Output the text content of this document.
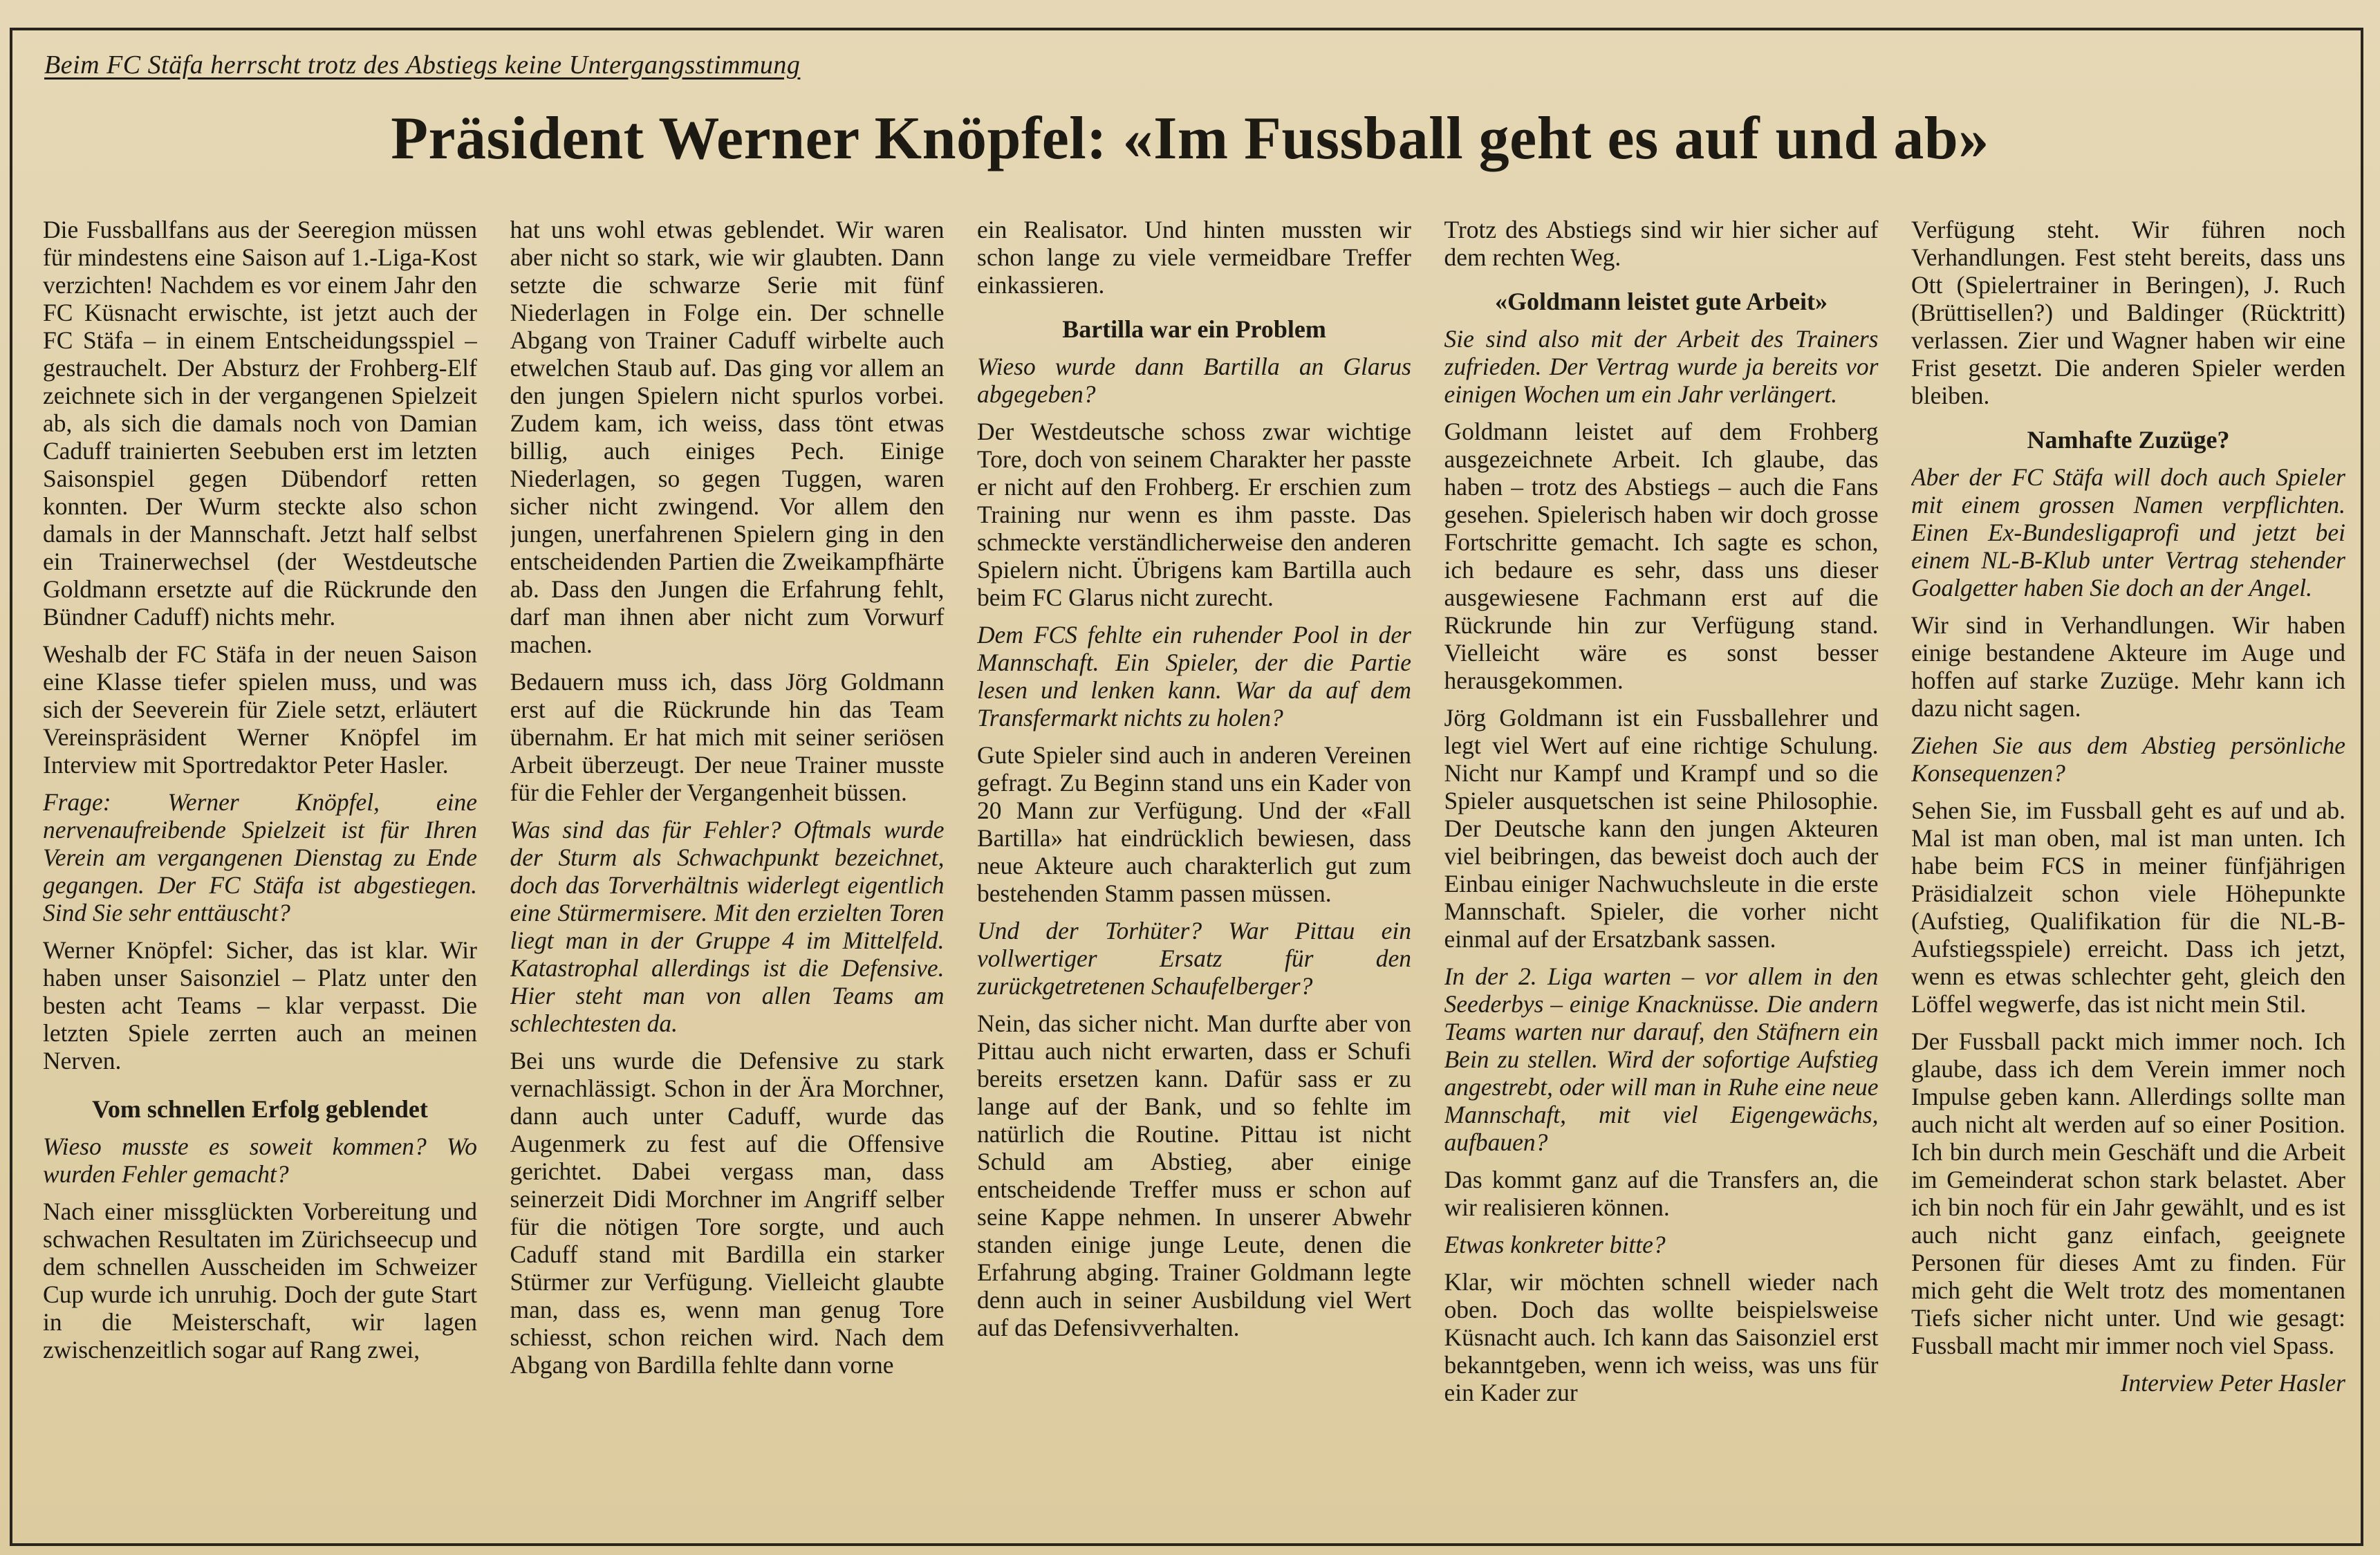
Beim FC Stäfa herrscht trotz des Abstiegs keine Untergangsstimmung
Präsident Werner Knöpfel: «Im Fussball geht es auf und ab»

Die Fussballfans aus der Seeregion müssen für mindestens eine Saison auf 1.-Liga-Kost verzichten! Nachdem es vor einem Jahr den FC Küsnacht erwischte, ist jetzt auch der FC Stäfa – in einem Entscheidungsspiel – gestrauchelt. Der Absturz der Frohberg-Elf zeichnete sich in der vergangenen Spielzeit ab, als sich die damals noch von Damian Caduff trainierten Seebuben erst im letzten Saisonspiel gegen Dübendorf retten konnten. Der Wurm steckte also schon damals in der Mannschaft. Jetzt half selbst ein Trainerwechsel (der Westdeutsche Goldmann ersetzte auf die Rückrunde den Bündner Caduff) nichts mehr.

Weshalb der FC Stäfa in der neuen Saison eine Klasse tiefer spielen muss, und was sich der Seeverein für Ziele setzt, erläutert Vereinspräsident Werner Knöpfel im Interview mit Sportredaktor Peter Hasler.

Frage: Werner Knöpfel, eine nervenaufreibende Spielzeit ist für Ihren Verein am vergangenen Dienstag zu Ende gegangen. Der FC Stäfa ist abgestiegen. Sind Sie sehr enttäuscht?

Werner Knöpfel: Sicher, das ist klar. Wir haben unser Saisonziel – Platz unter den besten acht Teams – klar verpasst. Die letzten Spiele zerrten auch an meinen Nerven.

Vom schnellen Erfolg geblendet

Wieso musste es soweit kommen? Wo wurden Fehler gemacht?

Nach einer missglückten Vorbereitung und schwachen Resultaten im Zürichseecup und dem schnellen Ausscheiden im Schweizer Cup wurde ich unruhig. Doch der gute Start in die Meisterschaft, wir lagen zwischenzeitlich sogar auf Rang zwei,

hat uns wohl etwas geblendet. Wir waren aber nicht so stark, wie wir glaubten. Dann setzte die schwarze Serie mit fünf Niederlagen in Folge ein. Der schnelle Abgang von Trainer Caduff wirbelte auch etwelchen Staub auf. Das ging vor allem an den jungen Spielern nicht spurlos vorbei. Zudem kam, ich weiss, dass tönt etwas billig, auch einiges Pech. Einige Niederlagen, so gegen Tuggen, waren sicher nicht zwingend. Vor allem den jungen, unerfahrenen Spielern ging in den entscheidenden Partien die Zweikampfhärte ab. Dass den Jungen die Erfahrung fehlt, darf man ihnen aber nicht zum Vorwurf machen.

Bedauern muss ich, dass Jörg Goldmann erst auf die Rückrunde hin das Team übernahm. Er hat mich mit seiner seriösen Arbeit überzeugt. Der neue Trainer musste für die Fehler der Vergangenheit büssen.

Was sind das für Fehler? Oftmals wurde der Sturm als Schwachpunkt bezeichnet, doch das Torverhältnis widerlegt eigentlich eine Stürmermisere. Mit den erzielten Toren liegt man in der Gruppe 4 im Mittelfeld. Katastrophal allerdings ist die Defensive. Hier steht man von allen Teams am schlechtesten da.

Bei uns wurde die Defensive zu stark vernachlässigt. Schon in der Ära Morchner, dann auch unter Caduff, wurde das Augenmerk zu fest auf die Offensive gerichtet. Dabei vergass man, dass seinerzeit Didi Morchner im Angriff selber für die nötigen Tore sorgte, und auch Caduff stand mit Bardilla ein starker Stürmer zur Verfügung. Vielleicht glaubte man, dass es, wenn man genug Tore schiesst, schon reichen wird. Nach dem Abgang von Bardilla fehlte dann vorne

ein Realisator. Und hinten mussten wir schon lange zu viele vermeidbare Treffer einkassieren.

Bartilla war ein Problem

Wieso wurde dann Bartilla an Glarus abgegeben?

Der Westdeutsche schoss zwar wichtige Tore, doch von seinem Charakter her passte er nicht auf den Frohberg. Er erschien zum Training nur wenn es ihm passte. Das schmeckte verständlicherweise den anderen Spielern nicht. Übrigens kam Bartilla auch beim FC Glarus nicht zurecht.

Dem FCS fehlte ein ruhender Pool in der Mannschaft. Ein Spieler, der die Partie lesen und lenken kann. War da auf dem Transfermarkt nichts zu holen?

Gute Spieler sind auch in anderen Vereinen gefragt. Zu Beginn stand uns ein Kader von 20 Mann zur Verfügung. Und der «Fall Bartilla» hat eindrücklich bewiesen, dass neue Akteure auch charakterlich gut zum bestehenden Stamm passen müssen.

Und der Torhüter? War Pittau ein vollwertiger Ersatz für den zurückgetretenen Schaufelberger?

Nein, das sicher nicht. Man durfte aber von Pittau auch nicht erwarten, dass er Schufi bereits ersetzen kann. Dafür sass er zu lange auf der Bank, und so fehlte im natürlich die Routine. Pittau ist nicht Schuld am Abstieg, aber einige entscheidende Treffer muss er schon auf seine Kappe nehmen. In unserer Abwehr standen einige junge Leute, denen die Erfahrung abging. Trainer Goldmann legte denn auch in seiner Ausbildung viel Wert auf das Defensivverhalten.

Trotz des Abstiegs sind wir hier sicher auf dem rechten Weg.

«Goldmann leistet gute Arbeit»

Sie sind also mit der Arbeit des Trainers zufrieden. Der Vertrag wurde ja bereits vor einigen Wochen um ein Jahr verlängert.

Goldmann leistet auf dem Frohberg ausgezeichnete Arbeit. Ich glaube, das haben – trotz des Abstiegs – auch die Fans gesehen. Spielerisch haben wir doch grosse Fortschritte gemacht. Ich sagte es schon, ich bedaure es sehr, dass uns dieser ausgewiesene Fachmann erst auf die Rückrunde hin zur Verfügung stand. Vielleicht wäre es sonst besser herausgekommen.

Jörg Goldmann ist ein Fussballehrer und legt viel Wert auf eine richtige Schulung. Nicht nur Kampf und Krampf und so die Spieler ausquetschen ist seine Philosophie. Der Deutsche kann den jungen Akteuren viel beibringen, das beweist doch auch der Einbau einiger Nachwuchsleute in die erste Mannschaft. Spieler, die vorher nicht einmal auf der Ersatzbank sassen.

In der 2. Liga warten – vor allem in den Seederbys – einige Knacknüsse. Die andern Teams warten nur darauf, den Stäfnern ein Bein zu stellen. Wird der sofortige Aufstieg angestrebt, oder will man in Ruhe eine neue Mannschaft, mit viel Eigengewächs, aufbauen?

Das kommt ganz auf die Transfers an, die wir realisieren können.

Etwas konkreter bitte?

Klar, wir möchten schnell wieder nach oben. Doch das wollte beispielsweise Küsnacht auch. Ich kann das Saisonziel erst bekanntgeben, wenn ich weiss, was uns für ein Kader zur

Verfügung steht. Wir führen noch Verhandlungen. Fest steht bereits, dass uns Ott (Spielertrainer in Beringen), J. Ruch (Brüttisellen?) und Baldinger (Rücktritt) verlassen. Zier und Wagner haben wir eine Frist gesetzt. Die anderen Spieler werden bleiben.

Namhafte Zuzüge?

Aber der FC Stäfa will doch auch Spieler mit einem grossen Namen verpflichten. Einen Ex-Bundesligaprofi und jetzt bei einem NL-B-Klub unter Vertrag stehender Goalgetter haben Sie doch an der Angel.

Wir sind in Verhandlungen. Wir haben einige bestandene Akteure im Auge und hoffen auf starke Zuzüge. Mehr kann ich dazu nicht sagen.

Ziehen Sie aus dem Abstieg persönliche Konsequenzen?

Sehen Sie, im Fussball geht es auf und ab. Mal ist man oben, mal ist man unten. Ich habe beim FCS in meiner fünfjährigen Präsidialzeit schon viele Höhepunkte (Aufstieg, Qualifikation für die NL-B-Aufstiegsspiele) erreicht. Dass ich jetzt, wenn es etwas schlechter geht, gleich den Löffel wegwerfe, das ist nicht mein Stil.

Der Fussball packt mich immer noch. Ich glaube, dass ich dem Verein immer noch Impulse geben kann. Allerdings sollte man auch nicht alt werden auf so einer Position. Ich bin durch mein Geschäft und die Arbeit im Gemeinderat schon stark belastet. Aber ich bin noch für ein Jahr gewählt, und es ist auch nicht ganz einfach, geeignete Personen für dieses Amt zu finden. Für mich geht die Welt trotz des momentanen Tiefs sicher nicht unter. Und wie gesagt: Fussball macht mir immer noch viel Spass.

Interview Peter Hasler
